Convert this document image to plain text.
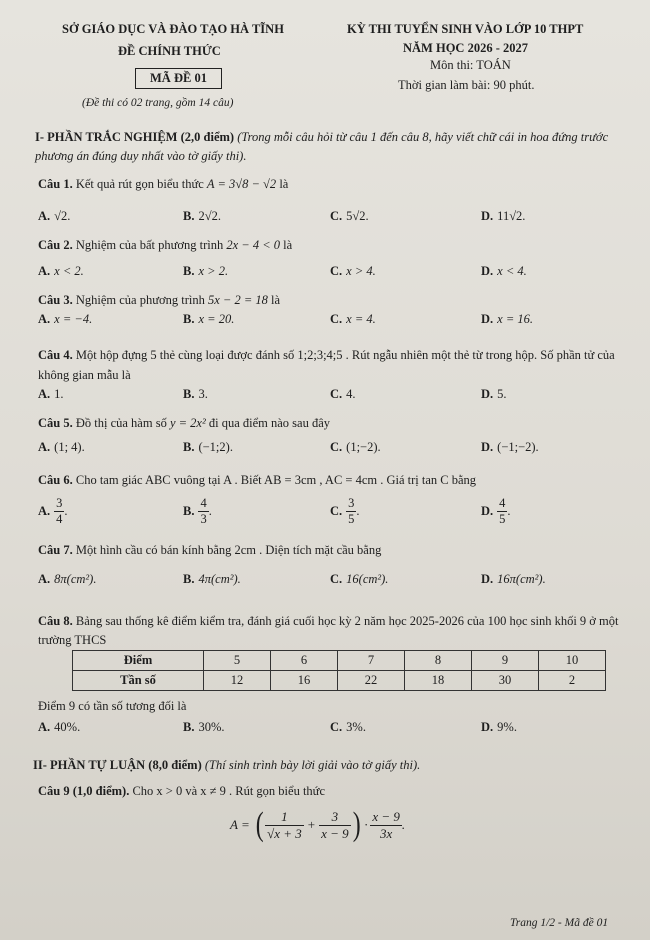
SỞ GIÁO DỤC VÀ ĐÀO TẠO HÀ TĨNH
ĐỀ CHÍNH THỨC
MÃ ĐỀ 01
(Đề thi có 02 trang, gồm 14 câu)
KỲ THI TUYỂN SINH VÀO LỚP 10 THPT
NĂM HỌC 2026 - 2027
Môn thi: TOÁN
Thời gian làm bài: 90 phút.
I- PHẦN TRẮC NGHIỆM (2,0 điểm) (Trong mỗi câu hỏi từ câu 1 đến câu 8, hãy viết chữ cái in hoa đứng trước phương án đúng duy nhất vào tờ giấy thi).
Câu 1. Kết quả rút gọn biểu thức A = 3√8 − √2 là
A. √2.	B. 2√2.	C. 5√2.	D. 11√2.
Câu 2. Nghiệm của bất phương trình 2x − 4 < 0 là
A. x < 2.	B. x > 2.	C. x > 4.	D. x < 4.
Câu 3. Nghiệm của phương trình 5x − 2 = 18 là
A. x = −4.	B. x = 20.	C. x = 4.	D. x = 16.
Câu 4. Một hộp đựng 5 thẻ cùng loại được đánh số 1;2;3;4;5 . Rút ngẫu nhiên một thẻ từ trong hộp. Số phần tử của không gian mẫu là
A. 1.	B. 3.	C. 4.	D. 5.
Câu 5. Đồ thị của hàm số y = 2x² đi qua điểm nào sau đây
A. (1; 4).	B. (−1;2).	C. (1;−2).	D. (−1;−2).
Câu 6. Cho tam giác ABC vuông tại A . Biết AB = 3cm , AC = 4cm . Giá trị tan C bằng
A. $\frac{3}{4}$ .	B. $\frac{4}{3}$ .	C. $\frac{3}{5}$ .	D. $\frac{4}{5}$ .
Câu 7. Một hình cầu có bán kính bằng 2cm . Diện tích mặt cầu bằng
A. 8π(cm²).	B. 4π(cm²).	C. 16(cm²).	D. 16π(cm²).
Câu 8. Bảng sau thống kê điểm kiểm tra, đánh giá cuối học kỳ 2 năm học 2025-2026 của 100 học sinh khối 9 ở một trường THCS
Điểm	5	6	7	8	9	10
Tần số	12	16	22	18	30	2
Điểm 9 có tần số tương đối là
A. 40%.	B. 30%.	C. 3%.	D. 9%.
II- PHẦN TỰ LUẬN (8,0 điểm) (Thí sinh trình bày lời giải vào tờ giấy thi).
Câu 9 (1,0 điểm). Cho x > 0 và x ≠ 9 . Rút gọn biểu thức
A = ( $\frac{1}{√x + 3} + \frac{3}{x - 9}$ ) · $\frac{x - 9}{3x}$ .
Trang 1/2 - Mã đề 01
